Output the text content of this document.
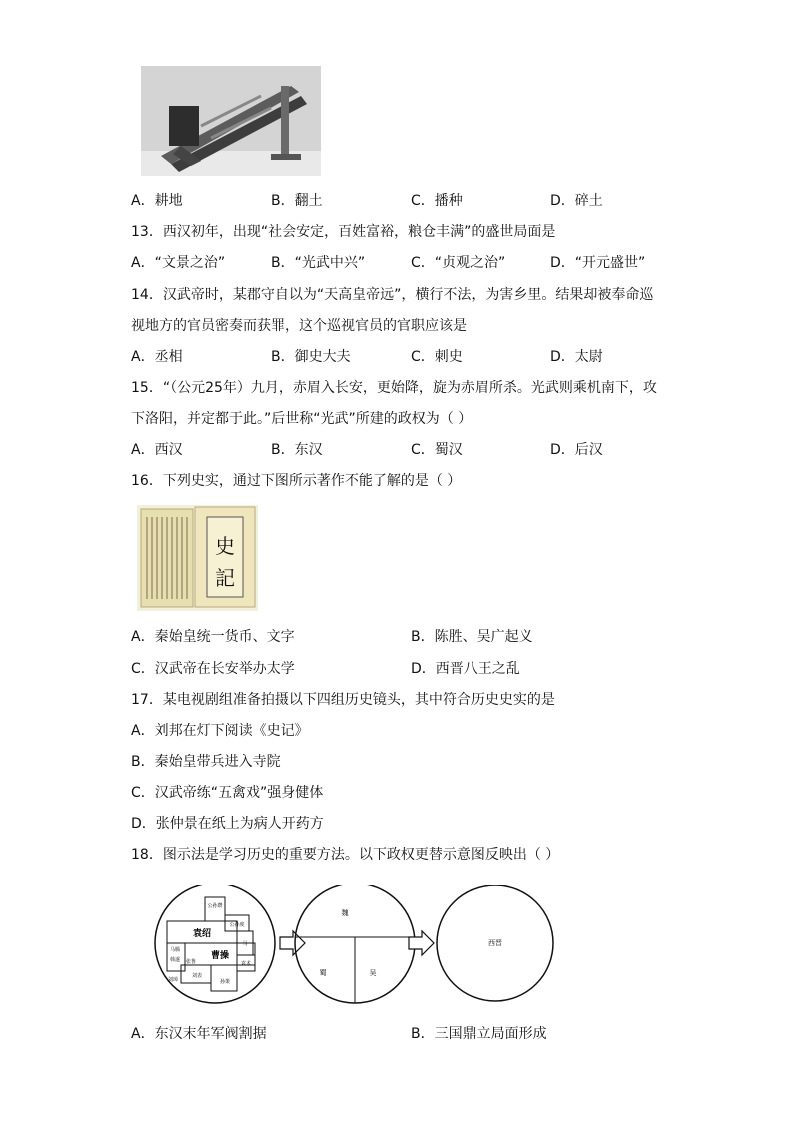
A．耕地	B．翻土	C．播种	D．碎土
13．西汉初年，出现“社会安定，百姓富裕，粮仓丰满”的盛世局面是
A．“文景之治”	B．“光武中兴”	C．“贞观之治”	D．“开元盛世”
14．汉武帝时，某郡守自以为“天高皇帝远”，横行不法，为害乡里。结果却被奉命巡
视地方的官员密奏而获罪，这个巡视官员的官职应该是
A．丞相	B．御史大夫	C．刺史	D．太尉
15．“（公元25年）九月，赤眉入长安，更始降，旋为赤眉所杀。光武则乘机南下，攻
下洛阳，并定都于此。”后世称“光武”所建的政权为（ ）
A．西汉	B．东汉	C．蜀汉	D．后汉
16．下列史实，通过下图所示著作不能了解的是（ ）
史
記
A．秦始皇统一货币、文字	B．陈胜、吴广起义
C．汉武帝在长安举办太学	D．西晋八王之乱
17．某电视剧组准备拍摄以下四组历史镜头，其中符合历史史实的是
A．刘邦在灯下阅读《史记》
B．秦始皇带兵进入寺院
C．汉武帝练“五禽戏”强身健体
D．张仲景在纸上为病人开药方
18．图示法是学习历史的重要方法。以下政权更替示意图反映出（ ）
公孙瓒
袁绍
公孙度
马腾
韩遂	曹操
张鲁
刘璋
刘表
孙策
袁术
马
魏
蜀	吴
西晋
A．东汉末年军阀割据	B．三国鼎立局面形成
